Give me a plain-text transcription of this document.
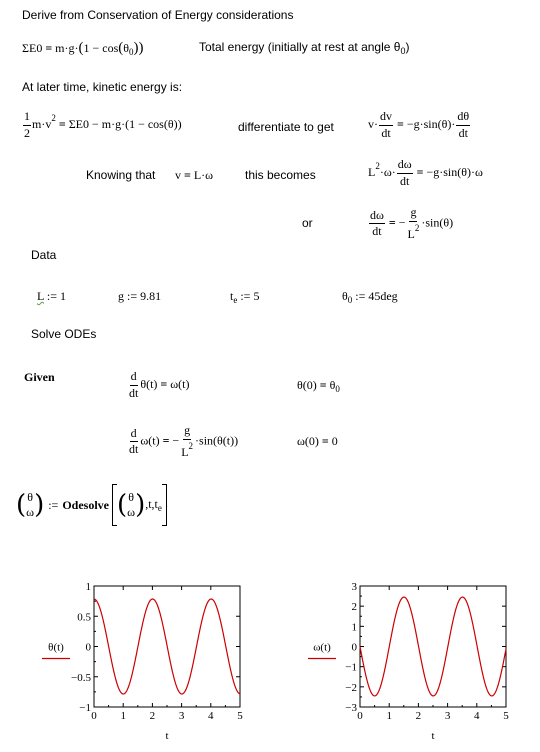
Derive from Conservation of Energy considerations
$\Sigma E0 = m\cdot g\cdot(1 - \cos(\theta_0))$	Total energy (initially at rest at angle $\theta_0$)
At later time, kinetic energy is:
$\frac{1}{2} m\cdot v^2 = \Sigma E0 - m\cdot g\cdot(1 - \cos(\theta))$	differentiate to get	$v\cdot \frac{dv}{dt} = -g\cdot\sin(\theta)\cdot \frac{d\theta}{dt}$
Knowing that v = L·ω	this becomes	$L^2\cdot\omega\cdot \frac{d\omega}{dt} = -g\cdot\sin(\theta)\cdot\omega$
or	$\frac{d\omega}{dt}$ = − $\frac{g}{L^2} \cdot\sin(\theta)$
Data
L := 1	g := 9.81	$t_e$ := 5	$\theta_0$ := 45deg
Solve ODEs
Given	$\frac{d}{dt} \theta(t) = \omega(t)$	$\theta(0) = \theta_0$
$\frac{d}{dt} \omega(t)$ = − $\frac{g}{L^2} \cdot\sin(\theta(t))$	ω(0) = 0
( θ
ω ) := Odesolve ( θ
ω ) $,t,t_e$
1
0.5
0
−0.5
−1
0 1 2 3 4 5
θ(t)
t
3
2
1
0
−1
−2
−3
0 1 2 3 4 5
ω(t)
t
